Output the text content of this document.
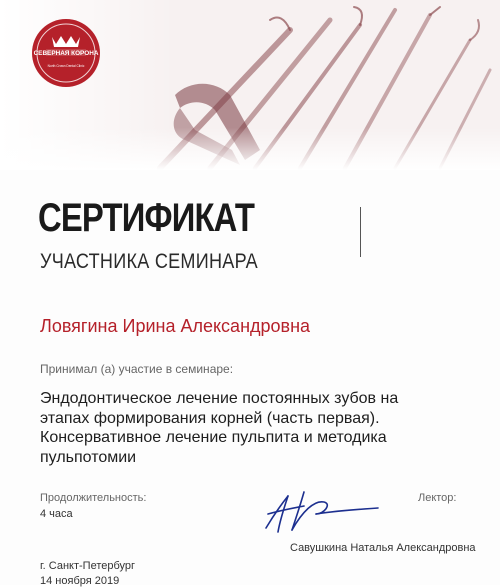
СЕВЕРНАЯ КОРОНА
North Crown Dental Clinic
СЕРТИФИКАТ
УЧАСТНИКА СЕМИНАРА
Ловягина Ирина Александровна
Принимал (а) участие в семинаре:
Эндодонтическое лечение постоянных зубов на
этапах формирования корней (часть первая).
Консервативное лечение пульпита и методика
пульпотомии
Продолжительность:
4 часа
Лектор:
Савушкина Наталья Александровна
г. Санкт-Петербург
14 ноября 2019
